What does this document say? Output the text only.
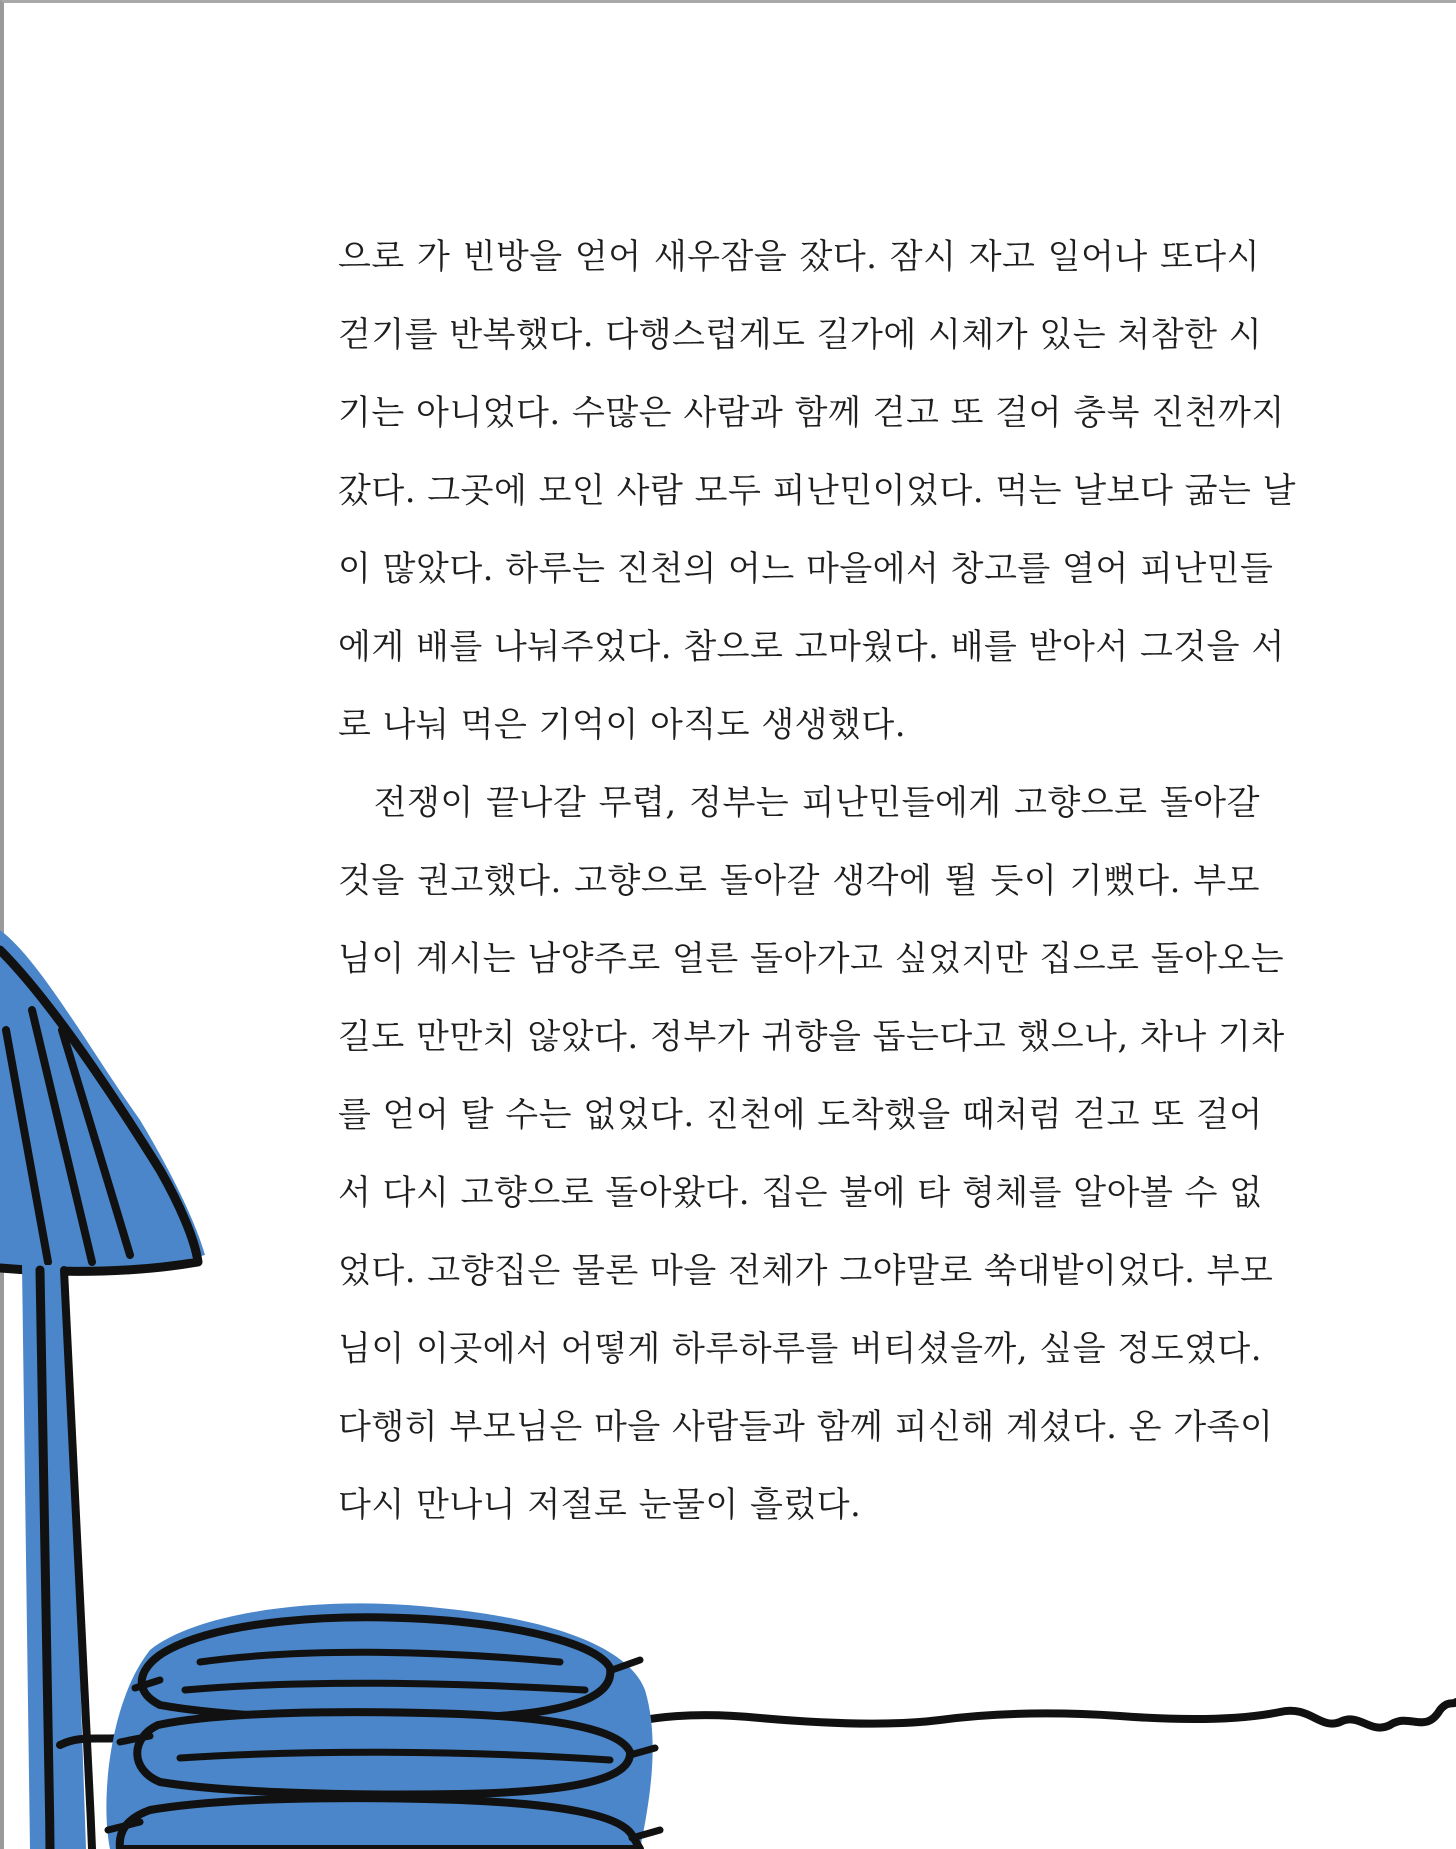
으로 가 빈방을 얻어 새우잠을 잤다. 잠시 자고 일어나 또다시
걷기를 반복했다. 다행스럽게도 길가에 시체가 있는 처참한 시
기는 아니었다. 수많은 사람과 함께 걷고 또 걸어 충북 진천까지
갔다. 그곳에 모인 사람 모두 피난민이었다. 먹는 날보다 굶는 날
이 많았다. 하루는 진천의 어느 마을에서 창고를 열어 피난민들
에게 배를 나눠주었다. 참으로 고마웠다. 배를 받아서 그것을 서
로 나눠 먹은 기억이 아직도 생생했다.
　전쟁이 끝나갈 무렵, 정부는 피난민들에게 고향으로 돌아갈
것을 권고했다. 고향으로 돌아갈 생각에 뛸 듯이 기뻤다. 부모
님이 계시는 남양주로 얼른 돌아가고 싶었지만 집으로 돌아오는
길도 만만치 않았다. 정부가 귀향을 돕는다고 했으나, 차나 기차
를 얻어 탈 수는 없었다. 진천에 도착했을 때처럼 걷고 또 걸어
서 다시 고향으로 돌아왔다. 집은 불에 타 형체를 알아볼 수 없
었다. 고향집은 물론 마을 전체가 그야말로 쑥대밭이었다. 부모
님이 이곳에서 어떻게 하루하루를 버티셨을까, 싶을 정도였다.
다행히 부모님은 마을 사람들과 함께 피신해 계셨다. 온 가족이
다시 만나니 저절로 눈물이 흘렀다.
